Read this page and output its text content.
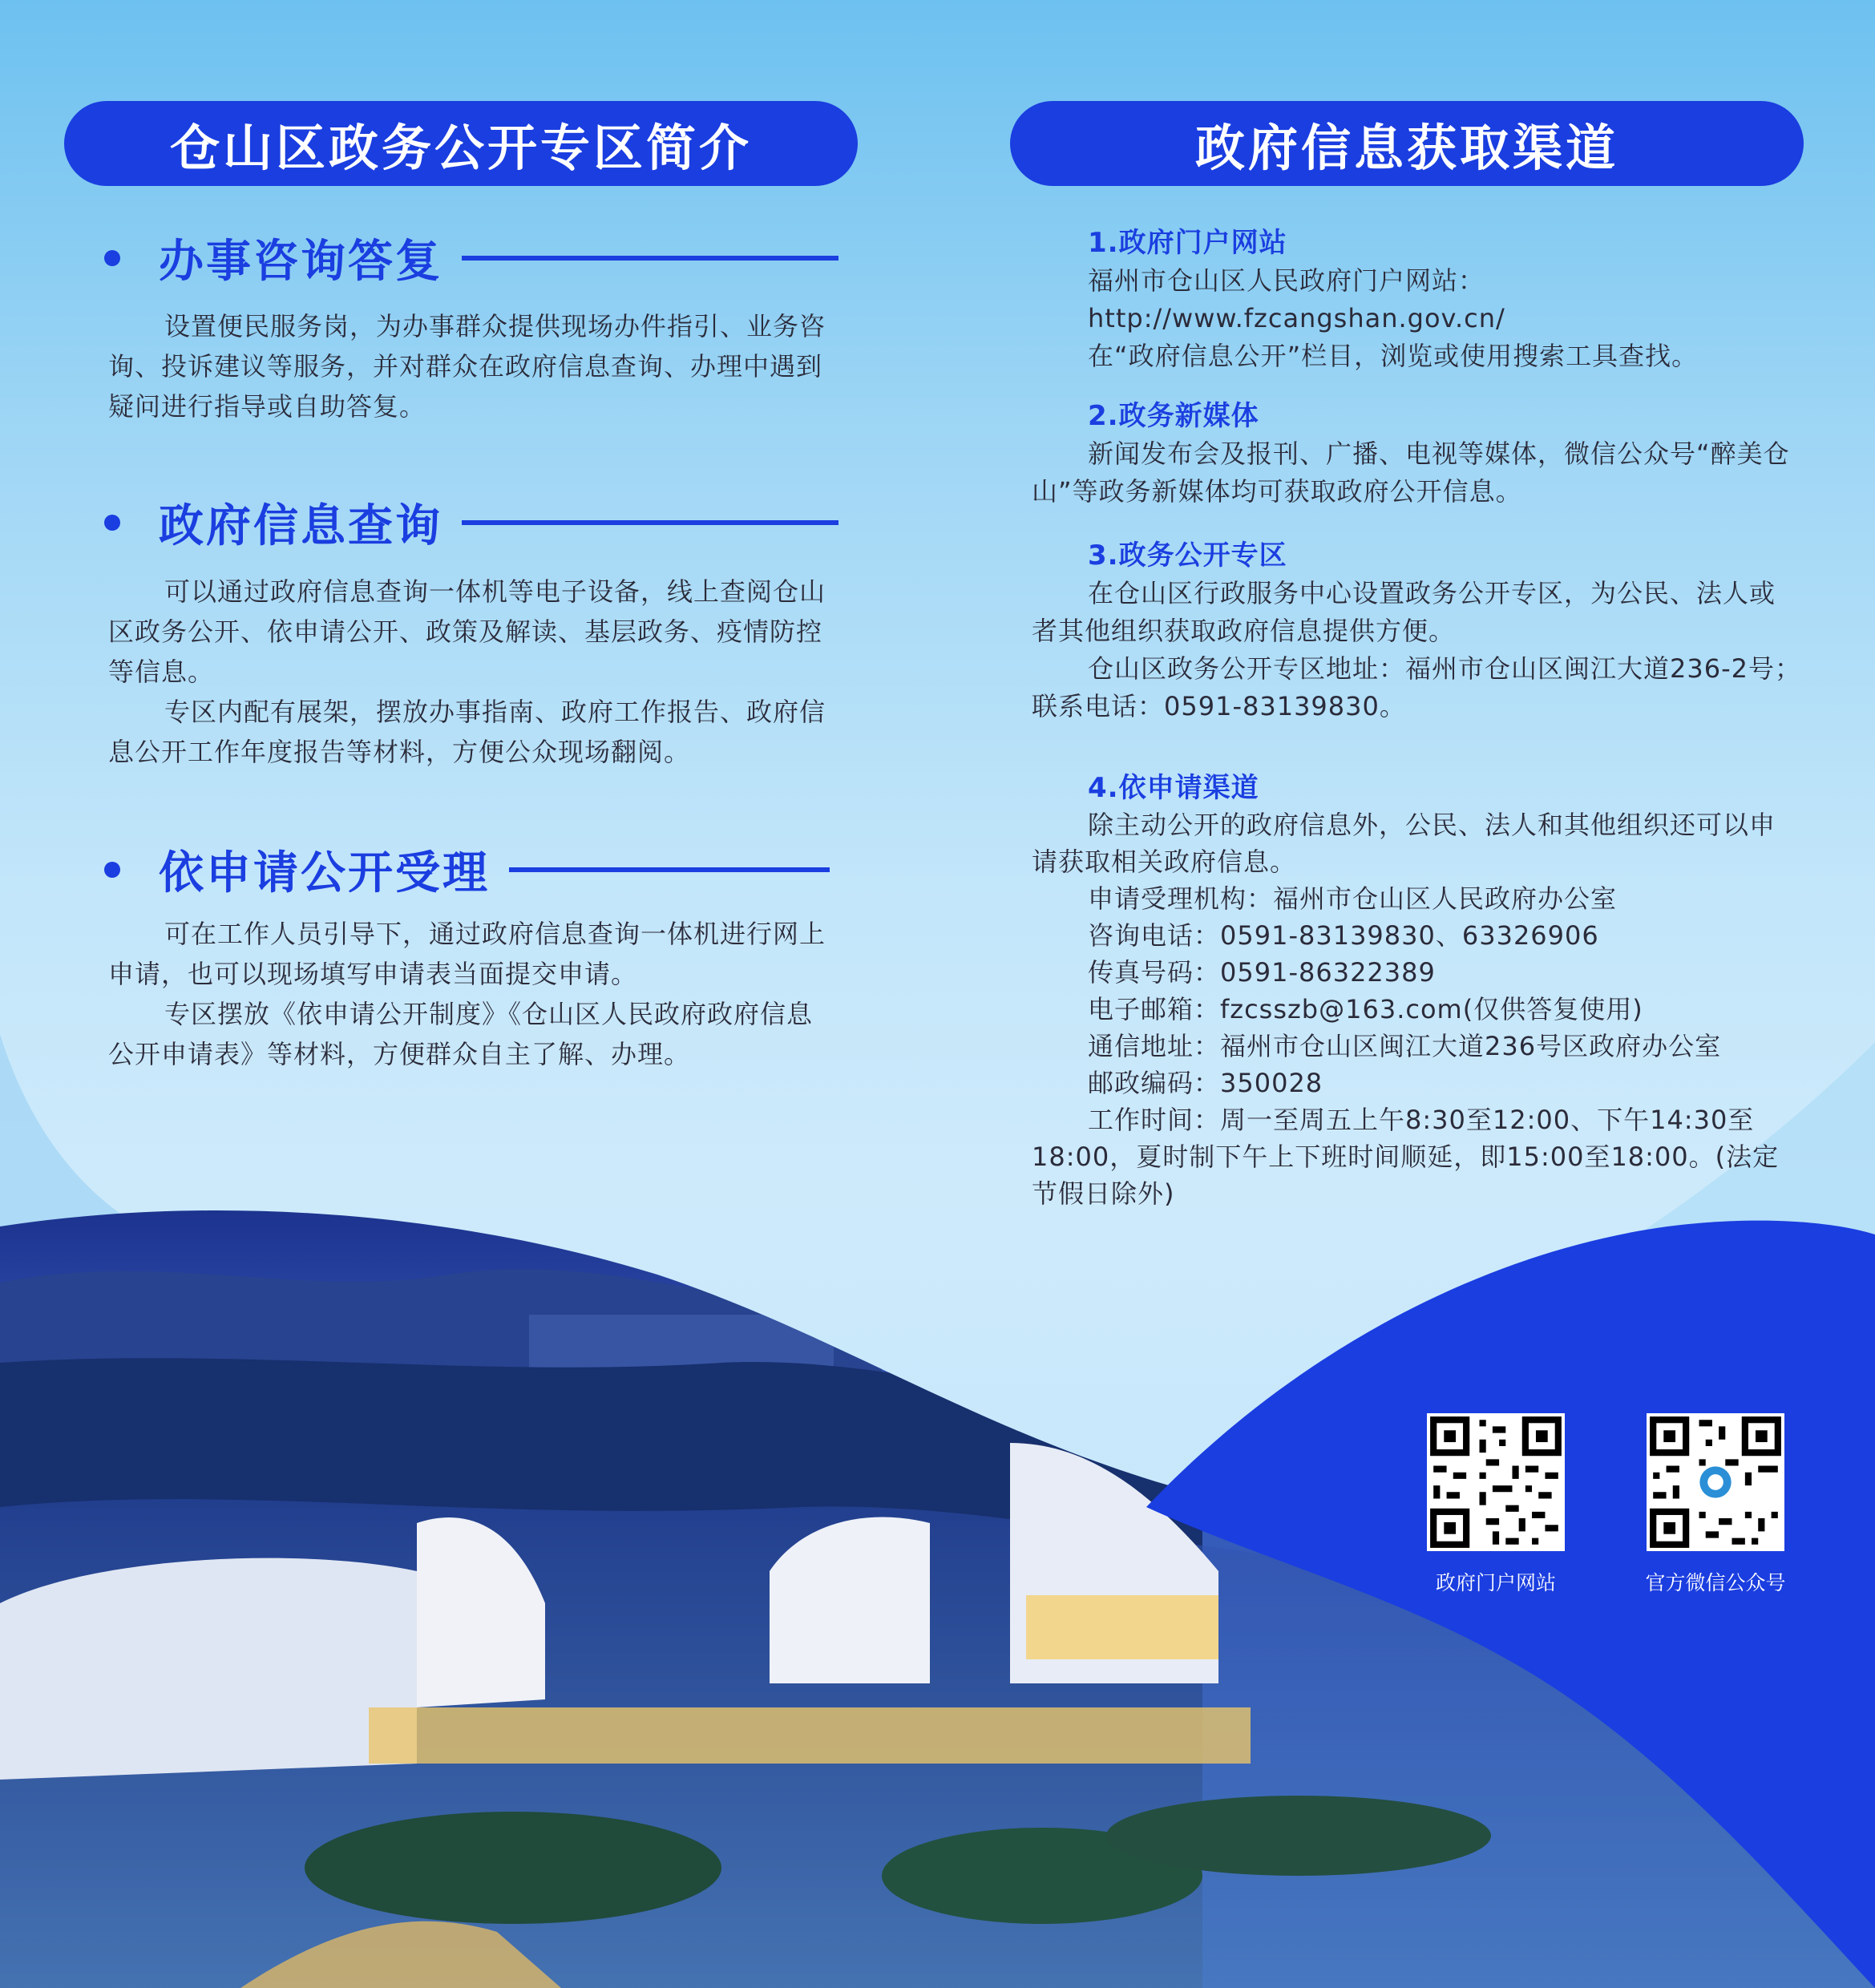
仓山区政务公开专区简介	政府信息获取渠道
办事咨询答复

设置便民服务岗，为办事群众提供现场办件指引、业务咨询、投诉建议等服务，并对群众在政府信息查询、办理中遇到疑问进行指导或自助答复。

政府信息查询

可以通过政府信息查询一体机等电子设备，线上查阅仓山区政务公开、依申请公开、政策及解读、基层政务、疫情防控等信息。

专区内配有展架，摆放办事指南、政府工作报告、政府信息公开工作年度报告等材料，方便公众现场翻阅。

依申请公开受理

可在工作人员引导下，通过政府信息查询一体机进行网上申请，也可以现场填写申请表当面提交申请。

专区摆放《依申请公开制度》《仓山区人民政府政府信息公开申请表》等材料，方便群众自主了解、办理。

1.政府门户网站

福州市仓山区人民政府门户网站：

http://www.fzcangshan.gov.cn/

在“政府信息公开”栏目，浏览或使用搜索工具查找。

2.政务新媒体

新闻发布会及报刊、广播、电视等媒体，微信公众号“醉美仓山”等政务新媒体均可获取政府公开信息。

3.政务公开专区

在仓山区行政服务中心设置政务公开专区，为公民、法人或者其他组织获取政府信息提供方便。

仓山区政务公开专区地址：福州市仓山区闽江大道236-2号；联系电话：0591-83139830。

4.依申请渠道

除主动公开的政府信息外，公民、法人和其他组织还可以申请获取相关政府信息。

申请受理机构：福州市仓山区人民政府办公室

咨询电话：0591-83139830、63326906

传真号码：0591-86322389

电子邮箱：fzcsszb@163.com(仅供答复使用)

通信地址：福州市仓山区闽江大道236号区政府办公室

邮政编码：350028

工作时间：周一至周五上午8:30至12:00、下午14:30至18:00，夏时制下午上下班时间顺延，即15:00至18:00。(法定节假日除外)

政府门户网站	官方微信公众号
